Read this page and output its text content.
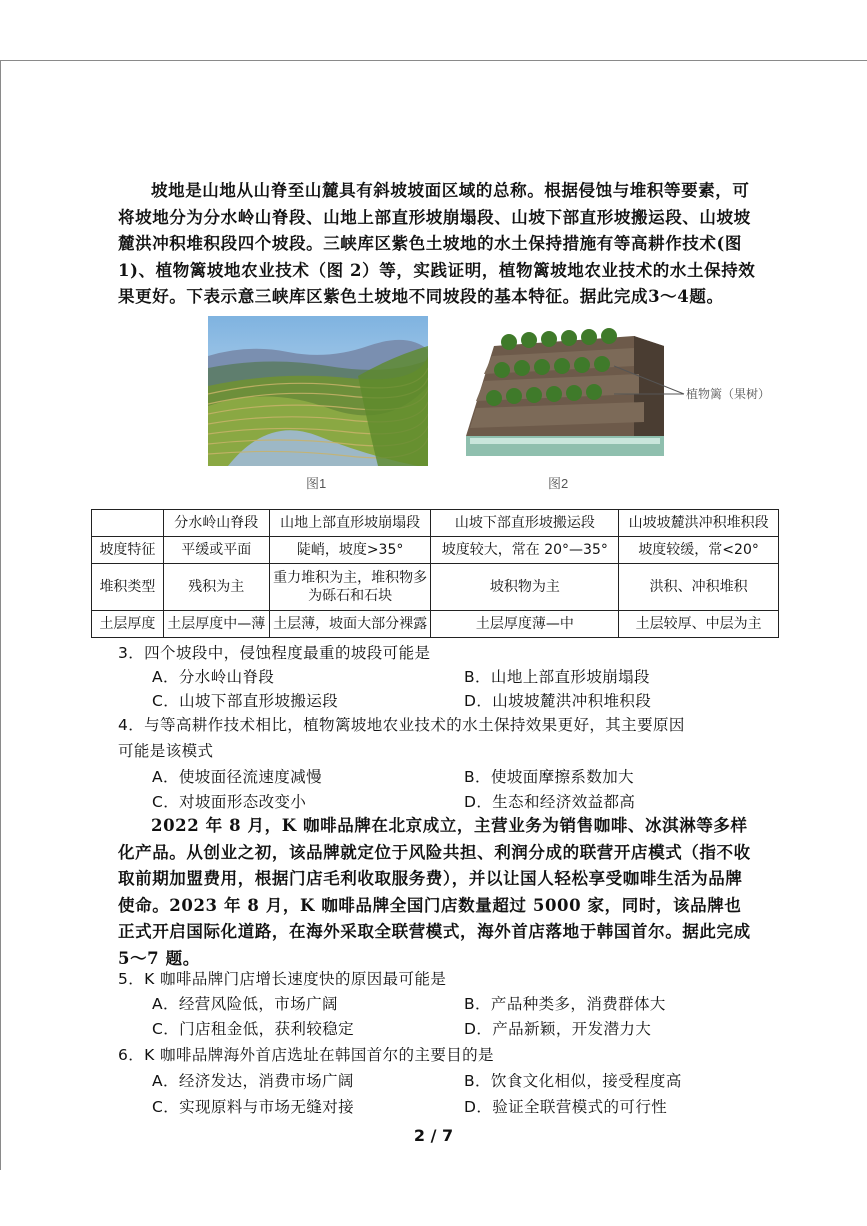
坡地是山地从山脊至山麓具有斜坡坡面区域的总称。根据侵蚀与堆积等要素，可将坡地分为分水岭山脊段、山地上部直形坡崩塌段、山坡下部直形坡搬运段、山坡坡麓洪冲积堆积段四个坡段。三峡库区紫色土坡地的水土保持措施有等高耕作技术(图 1)、植物篱坡地农业技术（图 2）等，实践证明，植物篱坡地农业技术的水土保持效果更好。下表示意三峡库区紫色土坡地不同坡段的基本特征。据此完成3～4题。
图1
植物篱（果树）
图2
	分水岭山脊段	山地上部直形坡崩塌段	山坡下部直形坡搬运段	山坡坡麓洪冲积堆积段
坡度特征	平缓或平面	陡峭，坡度>35°	坡度较大，常在 20°—35°	坡度较缓，常<20°
堆积类型	残积为主	重力堆积为主，堆积物多为砾石和石块	坡积物为主	洪积、冲积堆积
土层厚度	土层厚度中—薄	土层薄，坡面大部分裸露	土层厚度薄—中	土层较厚、中层为主
3．四个坡段中，侵蚀程度最重的坡段可能是
A．分水岭山脊段	B．山地上部直形坡崩塌段
C．山坡下部直形坡搬运段	D．山坡坡麓洪冲积堆积段
4．与等高耕作技术相比，植物篱坡地农业技术的水土保持效果更好，其主要原因
可能是该模式
A．使坡面径流速度减慢	B．使坡面摩擦系数加大
C．对坡面形态改变小	D．生态和经济效益都高
2022 年 8 月，K 咖啡品牌在北京成立，主营业务为销售咖啡、冰淇淋等多样化产品。从创业之初，该品牌就定位于风险共担、利润分成的联营开店模式（指不收取前期加盟费用，根据门店毛利收取服务费），并以让国人轻松享受咖啡生活为品牌使命。2023 年 8 月，K 咖啡品牌全国门店数量超过 5000 家，同时，该品牌也正式开启国际化道路，在海外采取全联营模式，海外首店落地于韩国首尔。据此完成 5～7 题。
5．K 咖啡品牌门店增长速度快的原因最可能是
A．经营风险低，市场广阔	B．产品种类多，消费群体大
C．门店租金低，获利较稳定	D．产品新颖，开发潜力大
6．K 咖啡品牌海外首店选址在韩国首尔的主要目的是
A．经济发达，消费市场广阔	B．饮食文化相似，接受程度高
C．实现原料与市场无缝对接	D．验证全联营模式的可行性
2 / 7
